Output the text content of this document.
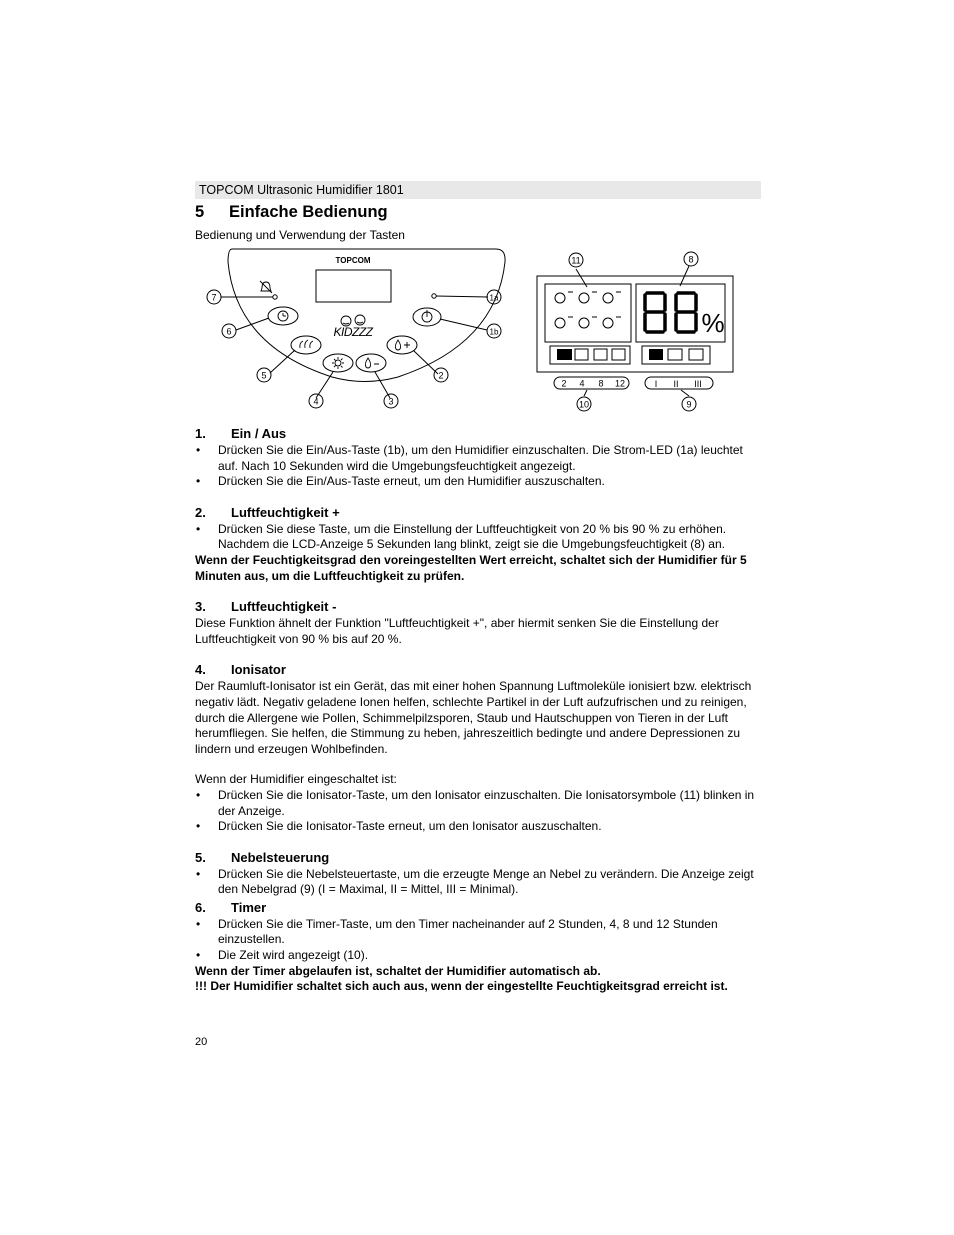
TOPCOM Ultrasonic Humidifier 1801
5 Einfache Bedienung
Bedienung und Verwendung der Tasten
TOPCOM
KIDZZZ
7
6
5
4	3
2
1b
1a
%
11	8
10	9
2 4 8 12	I II III
1. Ein / Aus

• Drücken Sie die Ein/Aus-Taste (1b), um den Humidifier einzuschalten. Die Strom-LED (1a) leuchtet auf. Nach 10 Sekunden wird die Umgebungsfeuchtigkeit angezeigt.

• Drücken Sie die Ein/Aus-Taste erneut, um den Humidifier auszuschalten.

2. Luftfeuchtigkeit +

• Drücken Sie diese Taste, um die Einstellung der Luftfeuchtigkeit von 20 % bis 90 % zu erhöhen. Nachdem die LCD-Anzeige 5 Sekunden lang blinkt, zeigt sie die Umgebungsfeuchtigkeit (8) an.

Wenn der Feuchtigkeitsgrad den voreingestellten Wert erreicht, schaltet sich der Humidifier für 5 Minuten aus, um die Luftfeuchtigkeit zu prüfen.

3. Luftfeuchtigkeit -

Diese Funktion ähnelt der Funktion "Luftfeuchtigkeit +", aber hiermit senken Sie die Einstellung der Luftfeuchtigkeit von 90 % bis auf 20 %.

4. Ionisator

Der Raumluft-Ionisator ist ein Gerät, das mit einer hohen Spannung Luftmoleküle ionisiert bzw. elektrisch negativ lädt. Negativ geladene Ionen helfen, schlechte Partikel in der Luft aufzufrischen und zu reinigen, durch die Allergene wie Pollen, Schimmelpilzsporen, Staub und Hautschuppen von Tieren in der Luft herumfliegen. Sie helfen, die Stimmung zu heben, jahreszeitlich bedingte und andere Depressionen zu lindern und erzeugen Wohlbefinden.

Wenn der Humidifier eingeschaltet ist:

• Drücken Sie die Ionisator-Taste, um den Ionisator einzuschalten. Die Ionisatorsymbole (11) blinken in der Anzeige.

• Drücken Sie die Ionisator-Taste erneut, um den Ionisator auszuschalten.

5. Nebelsteuerung

• Drücken Sie die Nebelsteuertaste, um die erzeugte Menge an Nebel zu verändern. Die Anzeige zeigt den Nebelgrad (9) (I = Maximal, II = Mittel, III = Minimal).

6. Timer

• Drücken Sie die Timer-Taste, um den Timer nacheinander auf 2 Stunden, 4, 8 und 12 Stunden einzustellen.

• Die Zeit wird angezeigt (10).

Wenn der Timer abgelaufen ist, schaltet der Humidifier automatisch ab.

!!! Der Humidifier schaltet sich auch aus, wenn der eingestellte Feuchtigkeitsgrad erreicht ist.

20
